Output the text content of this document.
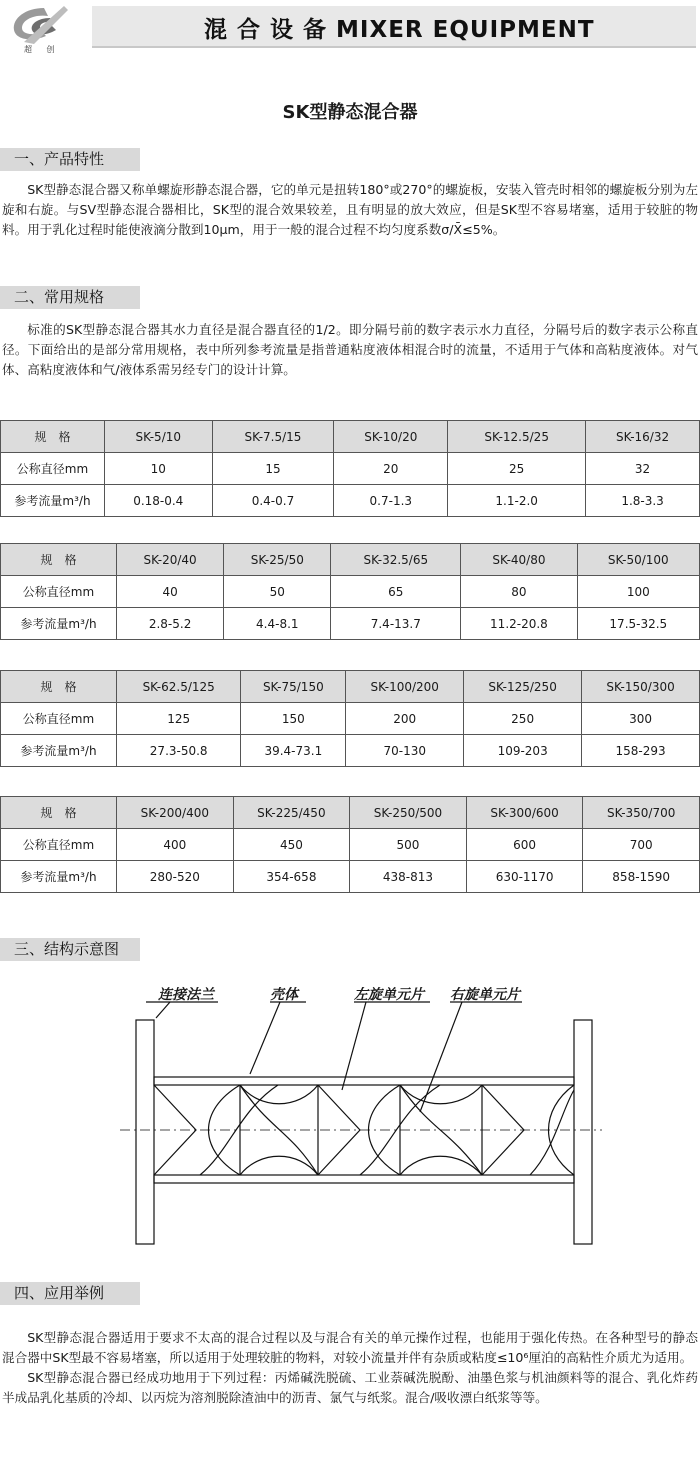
超 创
混 合 设 备 MIXER EQUIPMENT
SK型静态混合器
一、产品特性

SK型静态混合器又称单螺旋形静态混合器，它的单元是扭转180°或270°的螺旋板，安装入管壳时相邻的螺旋板分别为左旋和右旋。与SV型静态混合器相比，SK型的混合效果较差，且有明显的放大效应，但是SK型不容易堵塞，适用于较脏的物料。用于乳化过程时能使液滴分散到10μm，用于一般的混合过程不均匀度系数σ/X̄≤5%。

二、常用规格

标准的SK型静态混合器其水力直径是混合器直径的1/2。即分隔号前的数字表示水力直径，分隔号后的数字表示公称直径。下面给出的是部分常用规格，表中所列参考流量是指普通粘度液体相混合时的流量，不适用于气体和高粘度液体。对气体、高粘度液体和气/液体系需另经专门的设计计算。

规　格	SK-5/10	SK-7.5/15	SK-10/20	SK-12.5/25	SK-16/32
公称直径mm	10	15	20	25	32
参考流量m³/h	0.18-0.4	0.4-0.7	0.7-1.3	1.1-2.0	1.8-3.3
规　格	SK-20/40	SK-25/50	SK-32.5/65	SK-40/80	SK-50/100
公称直径mm	40	50	65	80	100
参考流量m³/h	2.8-5.2	4.4-8.1	7.4-13.7	11.2-20.8	17.5-32.5
规　格	SK-62.5/125	SK-75/150	SK-100/200	SK-125/250	SK-150/300
公称直径mm	125	150	200	250	300
参考流量m³/h	27.3-50.8	39.4-73.1	70-130	109-203	158-293
规　格	SK-200/400	SK-225/450	SK-250/500	SK-300/600	SK-350/700
公称直径mm	400	450	500	600	700
参考流量m³/h	280-520	354-658	438-813	630-1170	858-1590
三、结构示意图
连接法兰	壳体	左旋单元片 右旋单元片
四、应用举例

SK型静态混合器适用于要求不太高的混合过程以及与混合有关的单元操作过程，也能用于强化传热。在各种型号的静态混合器中SK型最不容易堵塞，所以适用于处理较脏的物料，对较小流量并伴有杂质或粘度≤10⁶厘泊的高粘性介质尤为适用。

SK型静态混合器已经成功地用于下列过程：丙烯碱洗脱硫、工业萘碱洗脱酚、油墨色浆与机油颜料等的混合、乳化炸药半成品乳化基质的冷却、以丙烷为溶剂脱除渣油中的沥青、氯气与纸浆。混合/吸收漂白纸浆等等。
